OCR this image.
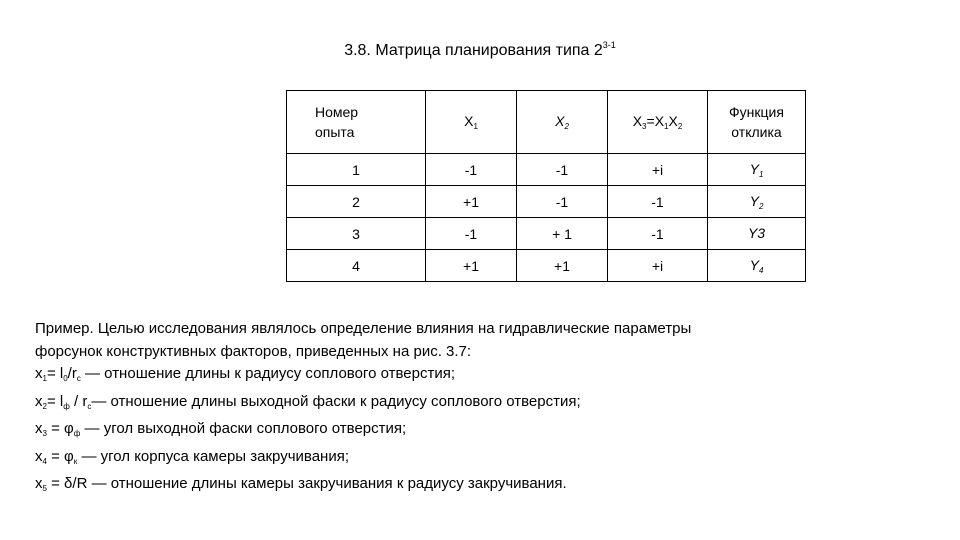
3.8. Матрица планирования типа 2$^{3-1}$
Номер
опыта	$X_1$	$X_2$	$X_3=X_1X_2$	Функция
отклика
1	-1	-1	+i	$Y_1$
2	+1	-1	-1	$Y_2$
3	-1	+ 1	-1	Y3
4	+1	+1	+i	$Y_4$
Пример. Целью исследования являлось определение влияния на гидравлические параметры
форсунок конструктивных факторов, приведенных на рис. 3.7:
$x_1= l_0/r_c$ — отношение длины к радиусу соплового отверстия;
$x_2= l_ф$ / $r_c—$ отношение длины выходной фаски к радиусу соплового отверстия;
$x_3 = \varphi_ф$ — угол выходной фаски соплового отверстия;
$x_4 = \varphi_к$ — угол корпуса камеры закручивания;
$x_5 = \delta/R$ — отношение длины камеры закручивания к радиусу закручивания.
